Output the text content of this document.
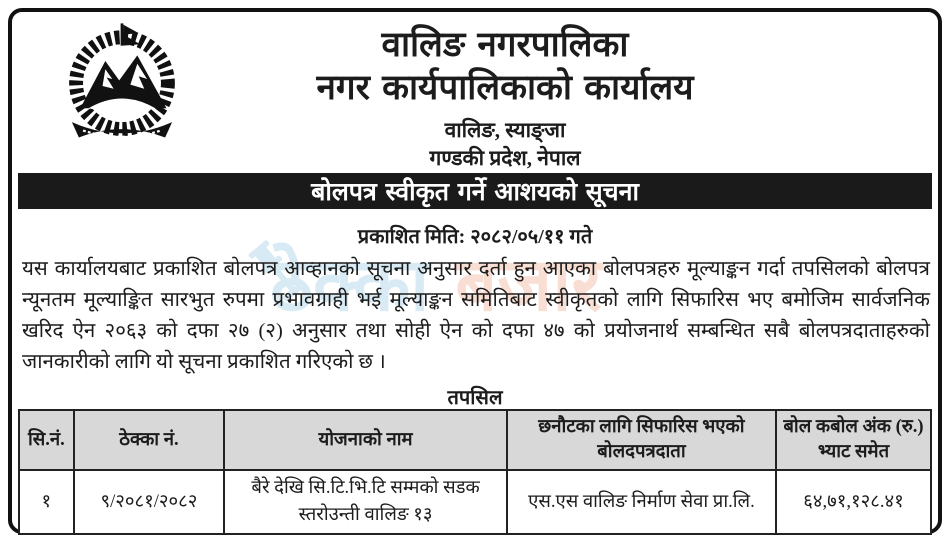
ठेक्का बजार
वालिङ नगरपालिका
नगर कार्यपालिकाको कार्यालय
वालिङ, स्याङ्जा
गण्डकी प्रदेश, नेपाल
बोलपत्र स्वीकृत गर्ने आशयको सूचना
प्रकाशित मिति: २०८२/०५/११ गते
यस कार्यालयबाट प्रकाशित बोलपत्र आव्हानको सूचना अनुसार दर्ता हुन आएका बोलपत्रहरु मूल्याङ्कन गर्दा तपसिलको बोलपत्र न्यूनतम मूल्याङ्कित सारभुत रुपमा प्रभावग्राही भई मूल्याङ्कन समितिबाट स्वीकृतको लागि सिफारिस भए बमोजिम सार्वजनिक खरिद ऐन २०६३ को दफा २७ (२) अनुसार तथा सोही ऐन को दफा ४७ को प्रयोजनार्थ सम्बन्धित सबै बोलपत्रदाताहरुको जानकारीको लागि यो सूचना प्रकाशित गरिएको छ ।
तपसिल
सि.नं.	ठेक्का नं.	योजनाको नाम	छनौटका लागि सिफारिस भएको बोलदपत्रदाता	बोल कबोल अंक (रु.) भ्याट समेत
१	९/२०८१/२०८२	बैरे देखि सि.टि.भि.टि सम्मको सडक स्तरोउन्ती वालिङ १३	एस.एस वालिङ निर्माण सेवा प्रा.लि.	६४,७१,१२८.४१
